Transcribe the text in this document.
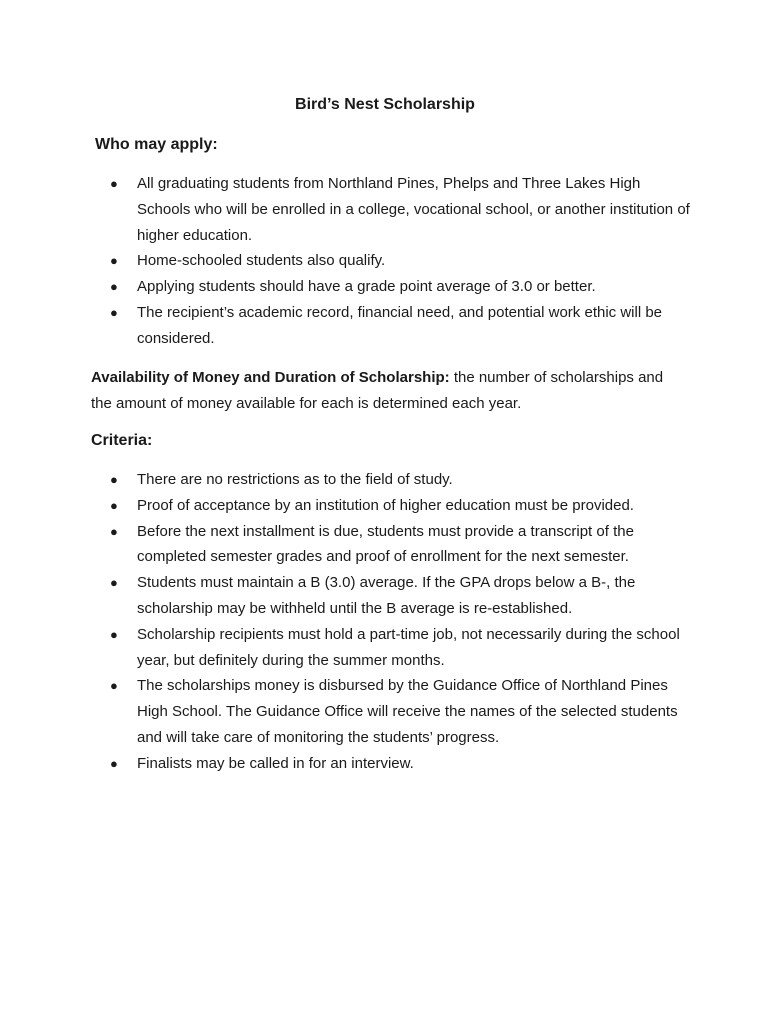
Bird’s Nest Scholarship
Who may apply:
●	All graduating students from Northland Pines, Phelps and Three Lakes High Schools who will be enrolled in a college, vocational school, or another institution of higher education.
●	Home-schooled students also qualify.
●	Applying students should have a grade point average of 3.0 or better.
●	The recipient’s academic record, financial need, and potential work ethic will be considered.

Availability of Money and Duration of Scholarship: the number of scholarships and the amount of money available for each is determined each year.

Criteria:
●	There are no restrictions as to the field of study.
●	Proof of acceptance by an institution of higher education must be provided.
●	Before the next installment is due, students must provide a transcript of the completed semester grades and proof of enrollment for the next semester.
●	Students must maintain a B (3.0) average. If the GPA drops below a B-, the scholarship may be withheld until the B average is re-established.
●	Scholarship recipients must hold a part-time job, not necessarily during the school year, but definitely during the summer months.
●	The scholarships money is disbursed by the Guidance Office of Northland Pines High School. The Guidance Office will receive the names of the selected students and will take care of monitoring the students’ progress.
●	Finalists may be called in for an interview.
